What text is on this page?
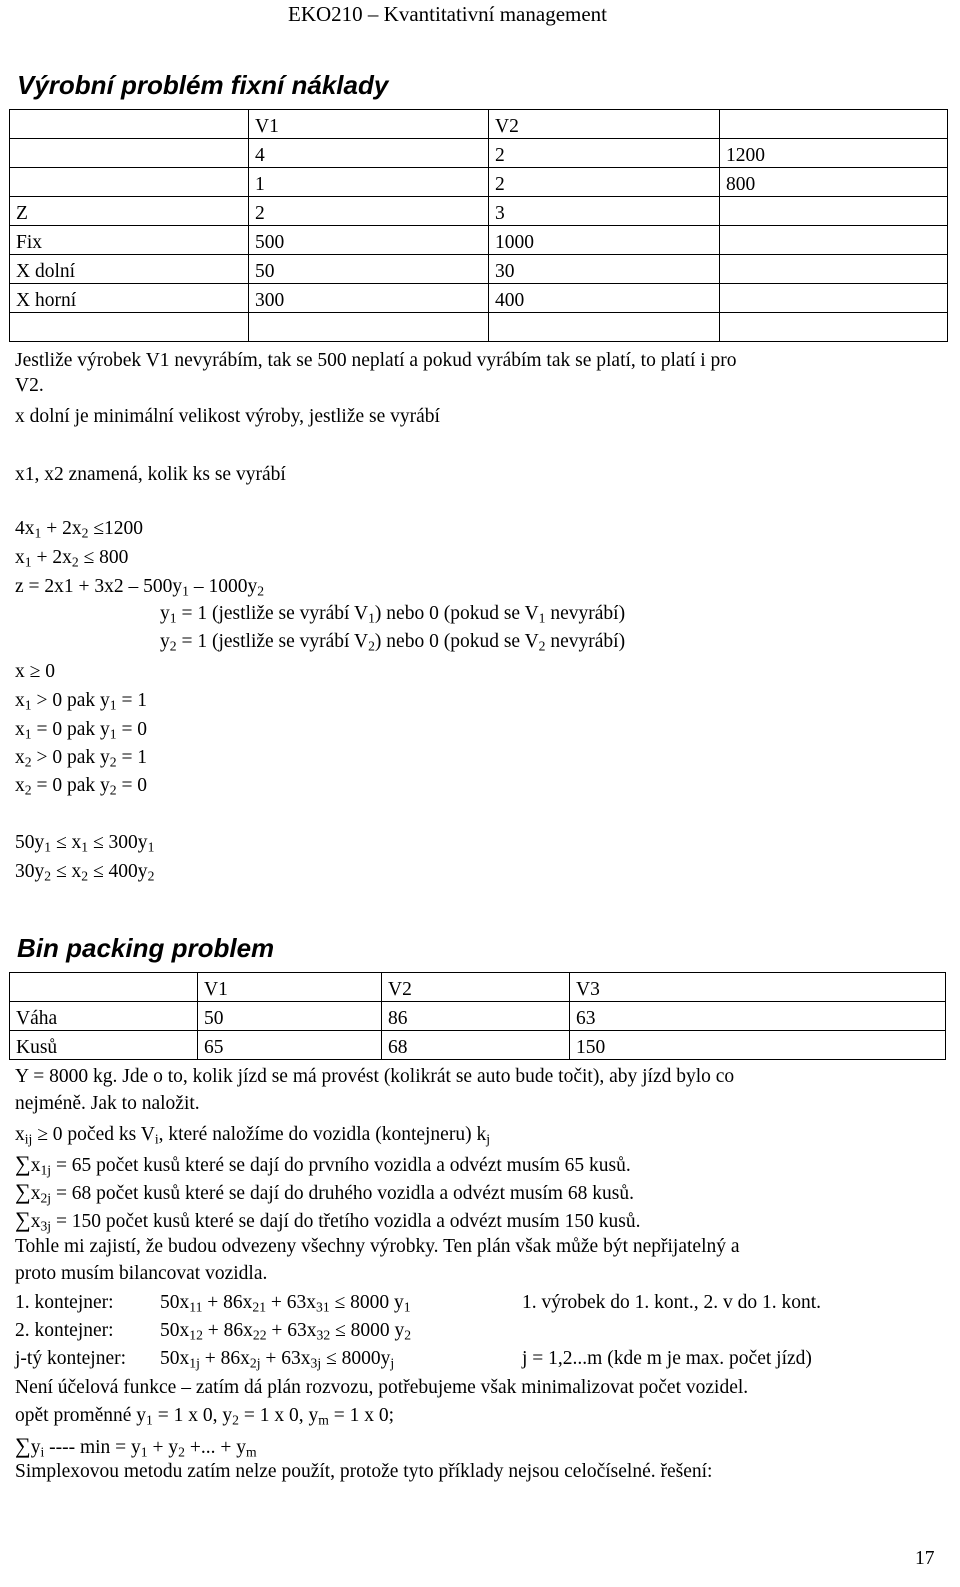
EKO210 – Kvantitativní management
Výrobní problém fixní náklady
	V1	V2	
	4	2	1200
	1	2	800
Z	2	3	
Fix	500	1000	
X dolní	50	30	
X horní	300	400	

Jestliže výrobek V1 nevyrábím, tak se 500 neplatí a pokud vyrábím tak se platí, to platí i pro
V2.
x dolní je minimální velikost výroby, jestliže se vyrábí
x1, x2 znamená, kolik ks se vyrábí
$4x_1 + 2x_2 \le 1200$
$x_1 + 2x_2 \le 800$
$z = 2x1 + 3x2 - 500y_1 - 1000y_2$
$y_1 = 1$ (jestliže se vyrábí $V_1$) nebo 0 (pokud se $V_1$ nevyrábí)
$y_2 = 1$ (jestliže se vyrábí $V_2$) nebo 0 (pokud se $V_2$ nevyrábí)
x ≥ 0
$x_1 > 0$ pak $y_1 = 1$
$x_1 = 0$ pak $y_1 = 0$
$x_2 > 0$ pak $y_2 = 1$
$x_2 = 0$ pak $y_2 = 0$
$50y_1 \le x_1 \le 300y_1$
$30y_2 \le x_2 \le 400y_2$
Bin packing problem
	V1	V2	V3
Váha	50	86	63
Kusů	65	68	150
Y = 8000 kg. Jde o to, kolik jízd se má provést (kolikrát se auto bude točit), aby jízd bylo co
nejméně. Jak to naložit.
$x_{ij} \ge 0$ počed ks $V_i$, které naložíme do vozidla (kontejneru) $k_j$
$\sum x_{1j} = 65$ počet kusů které se dají do prvního vozidla a odvézt musím 65 kusů.
$\sum x_{2j} = 68$ počet kusů které se dají do druhého vozidla a odvézt musím 68 kusů.
$\sum x_{3j} = 150$ počet kusů které se dají do třetího vozidla a odvézt musím 150 kusů.
Tohle mi zajistí, že budou odvezeny všechny výrobky. Ten plán však může být nepřijatelný a
proto musím bilancovat vozidla.
1. kontejner: $50x_{11} + 86x_{21} + 63x_{31} \le 8000$ $y_1$	1. výrobek do 1. kont., 2. v do 1. kont.
2. kontejner: $50x_{12} + 86x_{22} + 63x_{32} \le 8000$ $y_2$
j-tý kontejner: $50x_{1j} + 86x_{2j} + 63x_{3j} \le 8000y_j$	j = 1,2...m (kde m je max. počet jízd)
Není účelová funkce – zatím dá plán rozvozu, potřebujeme však minimalizovat počet vozidel.
opět proměnné $y_1 = 1$ x 0, $y_2 = 1$ x 0, $y_m = 1$ x 0;
$\sum y_i$ ---- $\min = y_1 + y_2$ +... + $y_m$
Simplexovou metodu zatím nelze použít, protože tyto příklady nejsou celočíselné. řešení:
17
